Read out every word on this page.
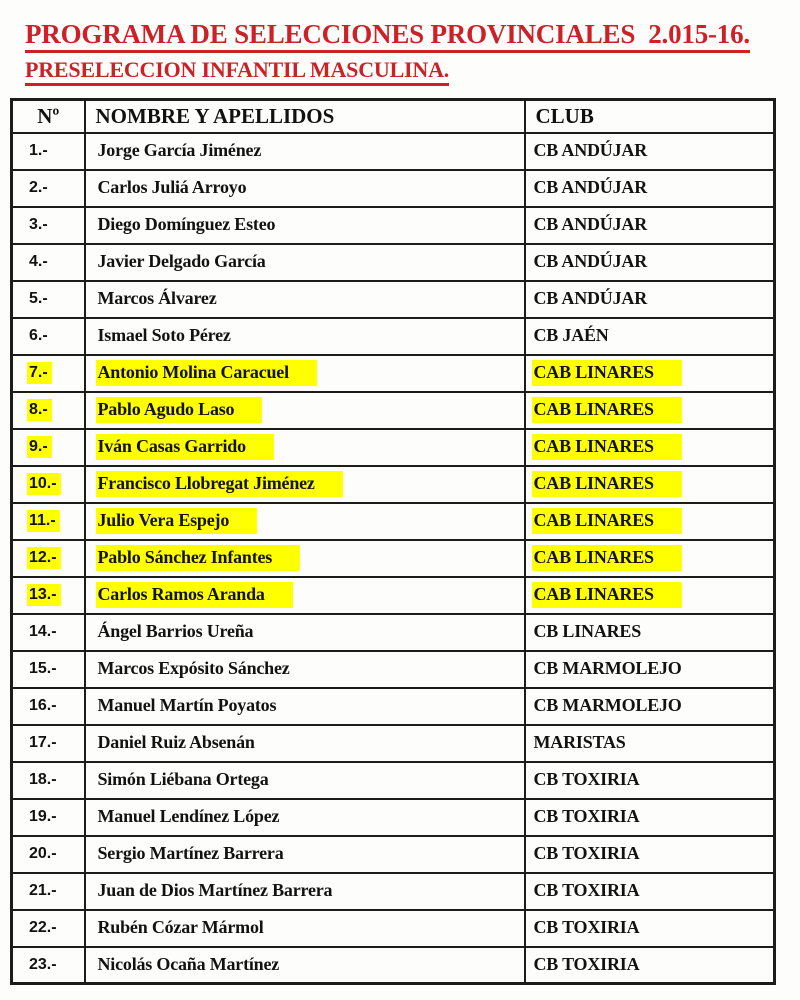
PROGRAMA DE SELECCIONES PROVINCIALES  2.015-16.
PRESELECCION INFANTIL MASCULINA.
Nº	NOMBRE Y APELLIDOS	CLUB
1.-	Jorge García Jiménez	CB ANDÚJAR
2.-	Carlos Juliá Arroyo	CB ANDÚJAR
3.-	Diego Domínguez Esteo	CB ANDÚJAR
4.-	Javier Delgado García	CB ANDÚJAR
5.-	Marcos Álvarez	CB ANDÚJAR
6.-	Ismael Soto Pérez	CB JAÉN
7.-	Antonio Molina Caracuel	CAB LINARES
8.-	Pablo Agudo Laso	CAB LINARES
9.-	Iván Casas Garrido	CAB LINARES
10.-	Francisco Llobregat Jiménez	CAB LINARES
11.-	Julio Vera Espejo	CAB LINARES
12.-	Pablo Sánchez Infantes	CAB LINARES
13.-	Carlos Ramos Aranda	CAB LINARES
14.-	Ángel Barrios Ureña	CB LINARES
15.-	Marcos Expósito Sánchez	CB MARMOLEJO
16.-	Manuel Martín Poyatos	CB MARMOLEJO
17.-	Daniel Ruiz Absenán	MARISTAS
18.-	Simón Liébana Ortega	CB TOXIRIA
19.-	Manuel Lendínez López	CB TOXIRIA
20.-	Sergio Martínez Barrera	CB TOXIRIA
21.-	Juan de Dios Martínez Barrera	CB TOXIRIA
22.-	Rubén Cózar Mármol	CB TOXIRIA
23.-	Nicolás Ocaña Martínez	CB TOXIRIA
